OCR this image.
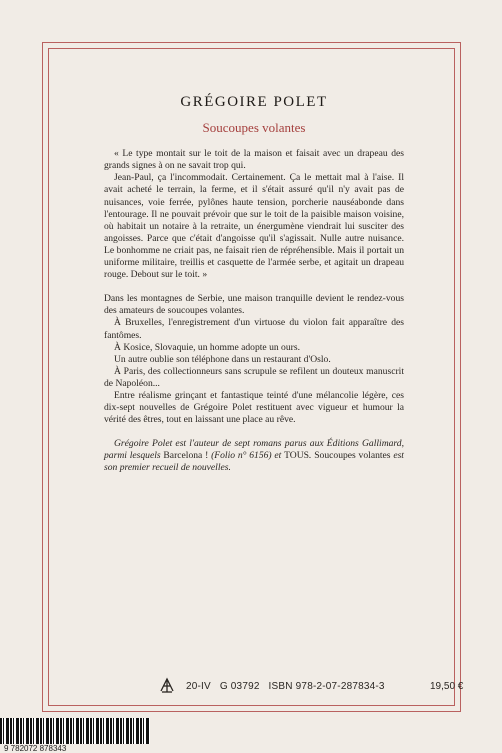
GRÉGOIRE POLET
Soucoupes volantes

« Le type montait sur le toit de la maison et faisait avec un drapeau des grands signes à on ne savait trop qui.

Jean-Paul, ça l'incommodait. Certainement. Ça le mettait mal à l'aise. Il avait acheté le terrain, la ferme, et il s'était assuré qu'il n'y avait pas de nuisances, voie ferrée, pylônes haute tension, porcherie nauséabonde dans l'entourage. Il ne pouvait prévoir que sur le toit de la paisible maison voisine, où habitait un notaire à la retraite, un énergumène viendrait lui susciter des angoisses. Parce que c'était d'angoisse qu'il s'agissait. Nulle autre nuisance. Le bonhomme ne criait pas, ne faisait rien de répréhensible. Mais il portait un uniforme militaire, treillis et casquette de l'armée serbe, et agitait un drapeau rouge. Debout sur le toit. »

Dans les montagnes de Serbie, une maison tranquille devient le rendez-vous des amateurs de soucoupes volantes.

À Bruxelles, l'enregistrement d'un virtuose du violon fait apparaître des fantômes.

À Kosice, Slovaquie, un homme adopte un ours.

Un autre oublie son téléphone dans un restaurant d'Oslo.

À Paris, des collectionneurs sans scrupule se refilent un douteux manuscrit de Napoléon...

Entre réalisme grinçant et fantastique teinté d'une mélancolie légère, ces dix-sept nouvelles de Grégoire Polet restituent avec vigueur et humour la vérité des êtres, tout en laissant une place au rêve.

Grégoire Polet est l'auteur de sept romans parus aux Éditions Gallimard, parmi lesquels Barcelona ! (Folio n° 6156) et TOUS. Soucoupes volantes est son premier recueil de nouvelles.

20-IV G 03792 ISBN 978-2-07-287834-3	19,50 €
9 782072 878343
